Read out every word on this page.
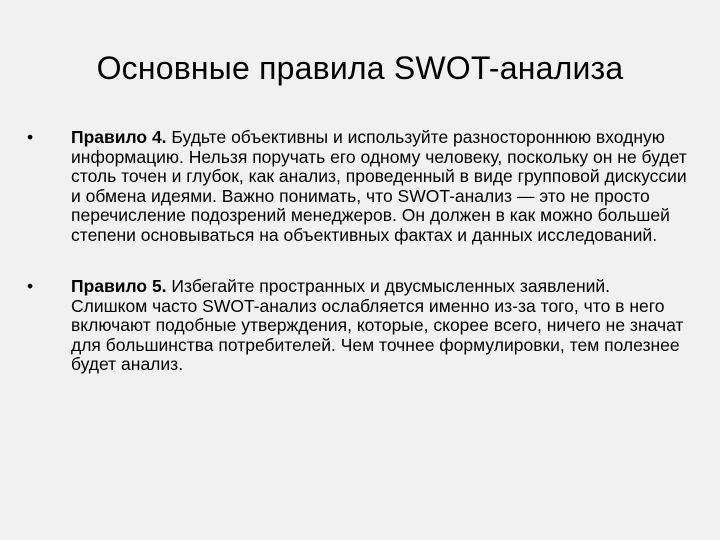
Основные правила SWOT-анализа
•	Правило 4. Будьте объективны и используйте разностороннюю входную информацию. Нельзя поручать его одному человеку, поскольку он не будет столь точен и глубок, как анализ, проведенный в виде групповой дискуссии и обмена идеями. Важно понимать, что SWOT-анализ — это не просто перечисление подозрений менеджеров. Он должен в как можно большей степени основываться на объективных фактах и данных исследований.
•	Правило 5. Избегайте пространных и двусмысленных заявлений. Слишком часто SWOT-анализ ослабляется именно из-за того, что в него включают подобные утверждения, которые, скорее всего, ничего не значат для большинства потребителей. Чем точнее формулировки, тем полезнее будет анализ.
